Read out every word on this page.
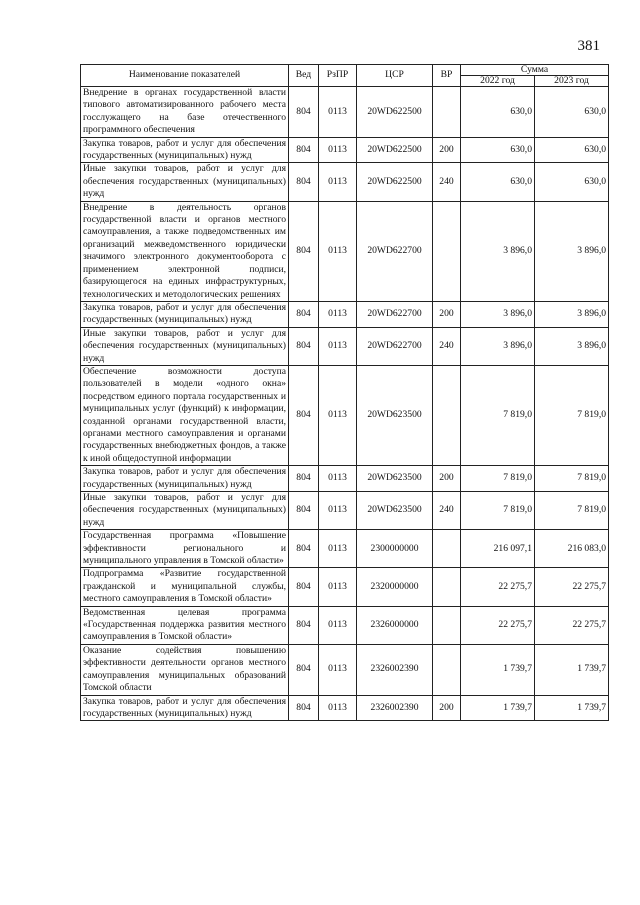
381
Наименование показателей	Вед	РзПР	ЦСР	ВР	Сумма	
					2022 год	2023 год
Внедрение в органах государственной власти типового автоматизированного рабочего места госслужащего на базе отечественного программного обеспечения	804	0113	20WD622500		630,0	630,0
Закупка товаров, работ и услуг для обеспечения государственных (муниципальных) нужд	804	0113	20WD622500	200	630,0	630,0
Иные закупки товаров, работ и услуг для обеспечения государственных (муниципальных) нужд	804	0113	20WD622500	240	630,0	630,0
Внедрение в деятельность органов государственной власти и органов местного самоуправления, а также подведомственных им организаций межведомственного юридически значимого электронного документооборота с применением электронной подписи, базирующегося на единых инфраструктурных, технологических и методологических решениях	804	0113	20WD622700		3 896,0	3 896,0
Закупка товаров, работ и услуг для обеспечения государственных (муниципальных) нужд	804	0113	20WD622700	200	3 896,0	3 896,0
Иные закупки товаров, работ и услуг для обеспечения государственных (муниципальных) нужд	804	0113	20WD622700	240	3 896,0	3 896,0
Обеспечение возможности доступа пользователей в модели «одного окна» посредством единого портала государственных и муниципальных услуг (функций) к информации, созданной органами государственной власти, органами местного самоуправления и органами государственных внебюджетных фондов, а также к иной общедоступной информации	804	0113	20WD623500		7 819,0	7 819,0
Закупка товаров, работ и услуг для обеспечения государственных (муниципальных) нужд	804	0113	20WD623500	200	7 819,0	7 819,0
Иные закупки товаров, работ и услуг для обеспечения государственных (муниципальных) нужд	804	0113	20WD623500	240	7 819,0	7 819,0
Государственная программа «Повышение эффективности регионального и муниципального управления в Томской области»	804	0113	2300000000		216 097,1	216 083,0
Подпрограмма «Развитие государственной гражданской и муниципальной службы, местного самоуправления в Томской области»	804	0113	2320000000		22 275,7	22 275,7
Ведомственная целевая программа «Государственная поддержка развития местного самоуправления в Томской области»	804	0113	2326000000		22 275,7	22 275,7
Оказание содействия повышению эффективности деятельности органов местного самоуправления муниципальных образований Томской области	804	0113	2326002390		1 739,7	1 739,7
Закупка товаров, работ и услуг для обеспечения государственных (муниципальных) нужд	804	0113	2326002390	200	1 739,7	1 739,7
